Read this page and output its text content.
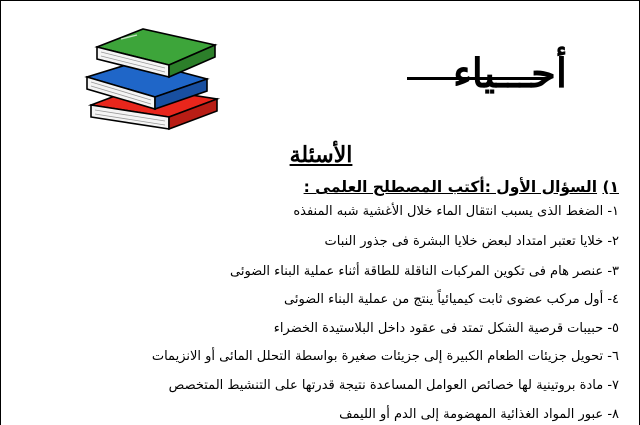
أحـــياء
الأسئلة
١) السؤال الأول :أكتب المصطلح العلمى :
١- الضغط الذى يسبب انتقال الماء خلال الأغشية شبه المنفذه
٢- خلايا تعتبر امتداد لبعض خلايا البشرة فى جذور النبات
٣- عنصر هام فى تكوين المركبات الناقلة للطاقة أثناء عملية البناء الضوئى
٤- أول مركب عضوى ثابت كيميائياً ينتج من عملية البناء الضوئى
٥- حبيبات قرصية الشكل تمتد فى عقود داخل البلاستيدة الخضراء
٦- تحويل جزيئات الطعام الكبيرة إلى جزيئات صغيرة بواسطة التحلل المائى أو الانزيمات
٧- مادة بروتينية لها خصائص العوامل المساعدة نتيجة قدرتها على التنشيط المتخصص
٨- عبور المواد الغذائية المهضومة إلى الدم أو الليمف
